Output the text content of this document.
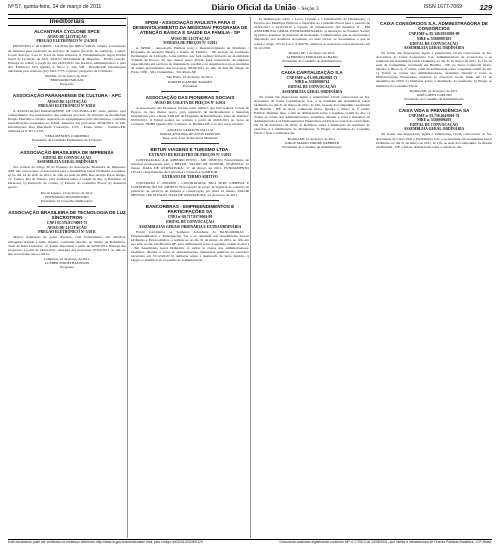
Nº 57, quinta-feira, 24 de março de 2011	Diário Oficial da União - Seção 3	ISSN 1677-7069	129
Ineditoriais
ALCANTARA CYCLONE SPCE
AVISO DE LICITAÇÃO
PREGÃO ELETRÔNICO Nº 2/A/2011

PROCESSO nº 201100007 - LICITAÇÃO IDB nº 549/21. Objeto: Contratação de empresa para prestação de serviços de segura (locação de veículos), a saber: Local: Serviço: Lote II. Total de Itens licitados: 8. Fundamentação legal: Norma Geral de Licitação da ACS. Motivo: Modalidade de Dispensa - Forma cotação. Entrega do edital: a partir do dia 24/03/2011 em horários administrativos e pelo site. Endereço: SCS Quadra 2, bloco C, sala 508 - Brasília-DF. Informações adicionais pelo telefone (61) 3410 7775. Contato: pregoeiro da Comissão.

Brasília, 22 de março de 2011.
BERNARDO MILANI
Pregoeiro
ASSOCIAÇÃO PARANAENSE DE CULTURA - APC
AVISO DE LICITAÇÃO
PREGÃO ELETRÔNICO Nº 8/2011

A ASSOCIAÇÃO PARANAENSE DE CULTURA-APC torna público para conhecimento dos interessados que realizará processo de licitação na modalidade Pregão Eletrônico. Objeto: aquisição de equipamentos para laboratórios, conforme especificações constantes no Edital. Abertura das propostas: 06/04/2011, às 10h. Informações: Rua Imaculada Conceição, 1155 - Prado Velho - Curitiba-PR. Telefone (41) 3271-2555.

VERA MENDES CORDEIRO
Presidente da Comissão Permanente de Licitação
ASSOCIAÇÃO BRASILEIRA DE IMPRENSA
EDITAL DE CONVOCAÇÃO
ASSEMBLEIA GERAL ORDINÁRIA

Nos termos do artigo 39 do Estatuto da Associação Brasileira de Imprensa-ABI, são convocados os associados para a Assembleia Geral Ordinária, a realizar-se no dia 14 de abril de 2011, às 14h, na sede da ABI, Rua Araújo Porto Alegre, 71, Centro, Rio de Janeiro, para deliberar sobre a ordem do dia: a) Relatório da Diretoria; b) Prestação de contas; c) Parecer do Conselho Fiscal; d) Assuntos gerais.

Rio de Janeiro, 16 de março de 2011.
FERNANDO SEGISMUNDO
Presidente do Conselho Deliberativo
ASSOCIAÇÃO BRASILEIRA DE TECNOLOGIA DE LUZ SÍNCROTRON
CNPJ 01.576.817/0001-75
AVISO DE LICITAÇÃO
PREGÃO ELETRÔNICO Nº 3/2011

Objeto: Aquisição de gases diversos, com fornecimento em cilindros, nitrogênio líquido e hélio líquido, conforme descrito no Termo de Referência. Total de Itens Licitados: 12. Edital disponível a partir de 24/03/2011. Entrega das propostas: a partir de 24/03/2011. Abertura das propostas: 07/04/2011, às 10h, no site www.licitacoes-e.com.br.

Campinas, 22 de março de 2011.
CLEBER SIDNEI BAUDSON
Pregoeiro
SPDM - ASSOCIAÇÃO PAULISTA PARA O DESENVOLVIMENTO DA MEDICINA/ PROGRAMA DE ATENÇÃO BÁSICA E SAÚDE DA FAMÍLIA - SP
AVISO DE LICITAÇÃO
TOMADA DE PREÇOS Nº 1/2011

A SPDM - Associação Paulista para o Desenvolvimento da Medicina / Programa de Atenção Básica e Saúde da Família - SP, através da Comissão Permanente de Licitação, torna público que fará realizar licitação na modalidade Tomada de Preços, do tipo menor preço global, para contratação de empresa especializada em serviços de manutenção predial e de engenharia para as unidades de saúde. Recebimento das propostas: 08/04/2011 às 10h, na Rua Dr. Diogo de Faria, 1036 - Vila Clementino - São Paulo-SP.

São Paulo, 23 de março de 2011.
ROBERTO ANDRÉ SOARES
Presidente
ASSOCIAÇÃO DAS PIONEIRAS SOCIAIS
AVISO DE COLETA DE PREÇOS Nº 3/2011

A Associação das Pioneiras Sociais torna público que fará realizar Coleta de Preços, do tipo menor preço, para aquisição de medicamentos e materiais hospitalares para a Rede SARAH de Hospitais de Reabilitação. Data de abertura: 05/04/2011. O Edital poderá ser retirado a partir de 24/03/2011 no Setor de Compras, SMHS Quadra 501, Conjunto A, Brasília-DF, e no site www.sarah.br.

ANGELO GAROUTE DA LUZ
MARIA ANTONIA DE ASSIS MARTINS
Resp. pela Área de Recursos Materiais
BBTUR VIAGENS E TURISMO LTDA.
EXTRATO DE REGISTRO DE PREÇOS Nº 1/2011

CONTRATADA: A.R. RIBEIRO PINTO - ME. OBJETO: Fornecimento de material promocional para a BBTUR. VALOR: R$ 32.000,00. VIGÊNCIA: 12 meses. DATA DE ASSINATURA: 17 de março de 2011. FUNDAMENTO LEGAL: Regulamento de Licitações e Contratos da BBTUR.

EXTRATO DE TERMO ADITIVO

CONTRATO nº 009/2008 - CONTRATADA: HIGI SERV LIMPEZA E CONSERVAÇÃO SA. OBJETO: Prorrogação do prazo de vigência do contrato de prestação de serviços de limpeza e conservação por mais 12 meses. VALOR MENSAL: R$ 18.654,93. DATA DE ASSINATURA: 21 de março de 2011.

BANCORBRÁS - EMPREENDIMENTOS E PARTICIPAÇÕES SA
CNPJ nº 00.717.957/0001-99
EDITAL DE CONVOCAÇÃO
ASSEMBLEIAS GERAIS ORDINÁRIA E EXTRAORDINÁRIA

Ficam convidados os Senhores Acionistas da BANCORBRÁS - Empreendimentos e Participações SA a se reunirem em Assembleias Gerais Ordinária e Extraordinária, a realizar-se no dia 31 de março de 2011, às 10h, em sua sede social, em Brasília-DF, para deliberarem sobre a seguinte ordem do dia: I - Em Assembleia Geral Ordinária: a) tomar as contas dos administradores, examinar, discutir e votar as demonstrações financeiras relativas ao exercício encerrado em 31/12/2010; b) deliberar sobre a destinação do lucro líquido; c) eleger os membros do Conselho de Administração.

b) Deliberação sobre o Lucro Líquido e a Distribuição de Dividendos; c) Eleição dos Membros Efetivos e Suplentes do Conselho Fiscal para o período de 01/04/2011 a 31/03/2012 e fixação da remuneração dos mesmos. II - EM ASSEMBLEIA GERAL EXTRAORDINÁRIA: a) Alteração do Estatuto Social; b) Outros assuntos de interesse da Sociedade. Comunicamos que se encontram à disposição dos Senhores Acionistas, na sede social, os documentos a que se refere o artigo 133 da Lei nº 6.404/76, relativos ao exercício social encerrado em 31/12/2010.

Brasília-DF, 1 de março de 2011.
ALFREDO LEOPOLDO ALBANO
Presidente do Conselho de Administração
CAIXA CAPITALIZAÇÃO S.A
CNPJ/MF n. 01.599.296/0001-71
NIRE n. 53300006734
EDITAL DE CONVOCAÇÃO
ASSEMBLEIA GERAL ORDINÁRIA

Na forma das disposições legais e estatutárias, ficam convocados os Srs. Acionistas da Caixa Capitalização S.A. a se reunirem em Assembleia Geral Ordinária, no dia 31 de março de 2011, às 10h, na sede da Companhia, localizada em Brasília - DF, no Setor Comercial Norte, Quadra 1, Bloco A, 5º andar, Edifício Number One, a fim de deliberarem sobre a seguinte ordem do dia: 1) Tomar as contas dos Administradores, examinar, discutir e votar o Relatório da Administração e as Demonstrações Financeiras relativas ao exercício social findo em 31 de dezembro de 2010; 2) Deliberar sobre a destinação do resultado do exercício e a distribuição de dividendos; 3) Eleger os membros do Conselho Fiscal e fixar a remuneração.

Brasília-DF, 21 de março de 2011.
JORGE MARIO SIROKE PABBRER
Presidente do Conselho de Administração
CAIXA CONSÓRCIOS S.A. ADMINISTRADORA DE CONSÓRCIOS
CNPJ/MF n. 05.349.595/0001-09
NIRE n. 53300007491
EDITAL DE CONVOCAÇÃO
ASSEMBLEIA GERAL ORDINÁRIA

Na forma das disposições legais e estatutárias, ficam convocados os Srs. Acionistas da Caixa Consórcios S.A. Administradora de Consórcios a se reunirem em Assembleia Geral Ordinária, no dia 31 de março de 2011, às 11h, na sede da Companhia, localizada em Brasília - DF, no Setor Comercial Norte, Quadra 1, Bloco A, 5º andar, a fim de deliberarem sobre a seguinte ordem do dia: 1) Tomar as contas dos Administradores, examinar, discutir e votar as Demonstrações Financeiras relativas ao exercício social findo em 31 de dezembro de 2010; 2) Deliberar sobre a destinação do resultado; 3) Eleger os membros do Conselho Fiscal.

Brasília-DF, 21 de março de 2011.
JOSÉ LOPES COELHO
Presidente do Conselho de Administração
CAIXA VIDA E PREVIDÊNCIA SA
CNPJ/MF n. 03.730.204/0001-76
NIRE n. 53300006203
EDITAL DE CONVOCAÇÃO
ASSEMBLEIA GERAL ORDINÁRIA

Na forma das disposições legais e estatutárias, ficam convocados os Srs. Acionistas da Caixa Vida e Previdência S.A. a se reunirem em Assembleia Geral Ordinária, no dia 31 de março de 2011, às 15h, na sede da Companhia, localizada em Brasília - DF, a fim de deliberarem sobre a ordem do dia.

Este documento pode ser verificado no endereço eletrônico http://www.in.gov.br/autenticidade.html, pelo código 00032011032400129	Documento assinado digitalmente conforme MP nº 2.200-2 de 24/08/2001, que institui a Infraestrutura de Chaves Públicas Brasileira - ICP-Brasil.
